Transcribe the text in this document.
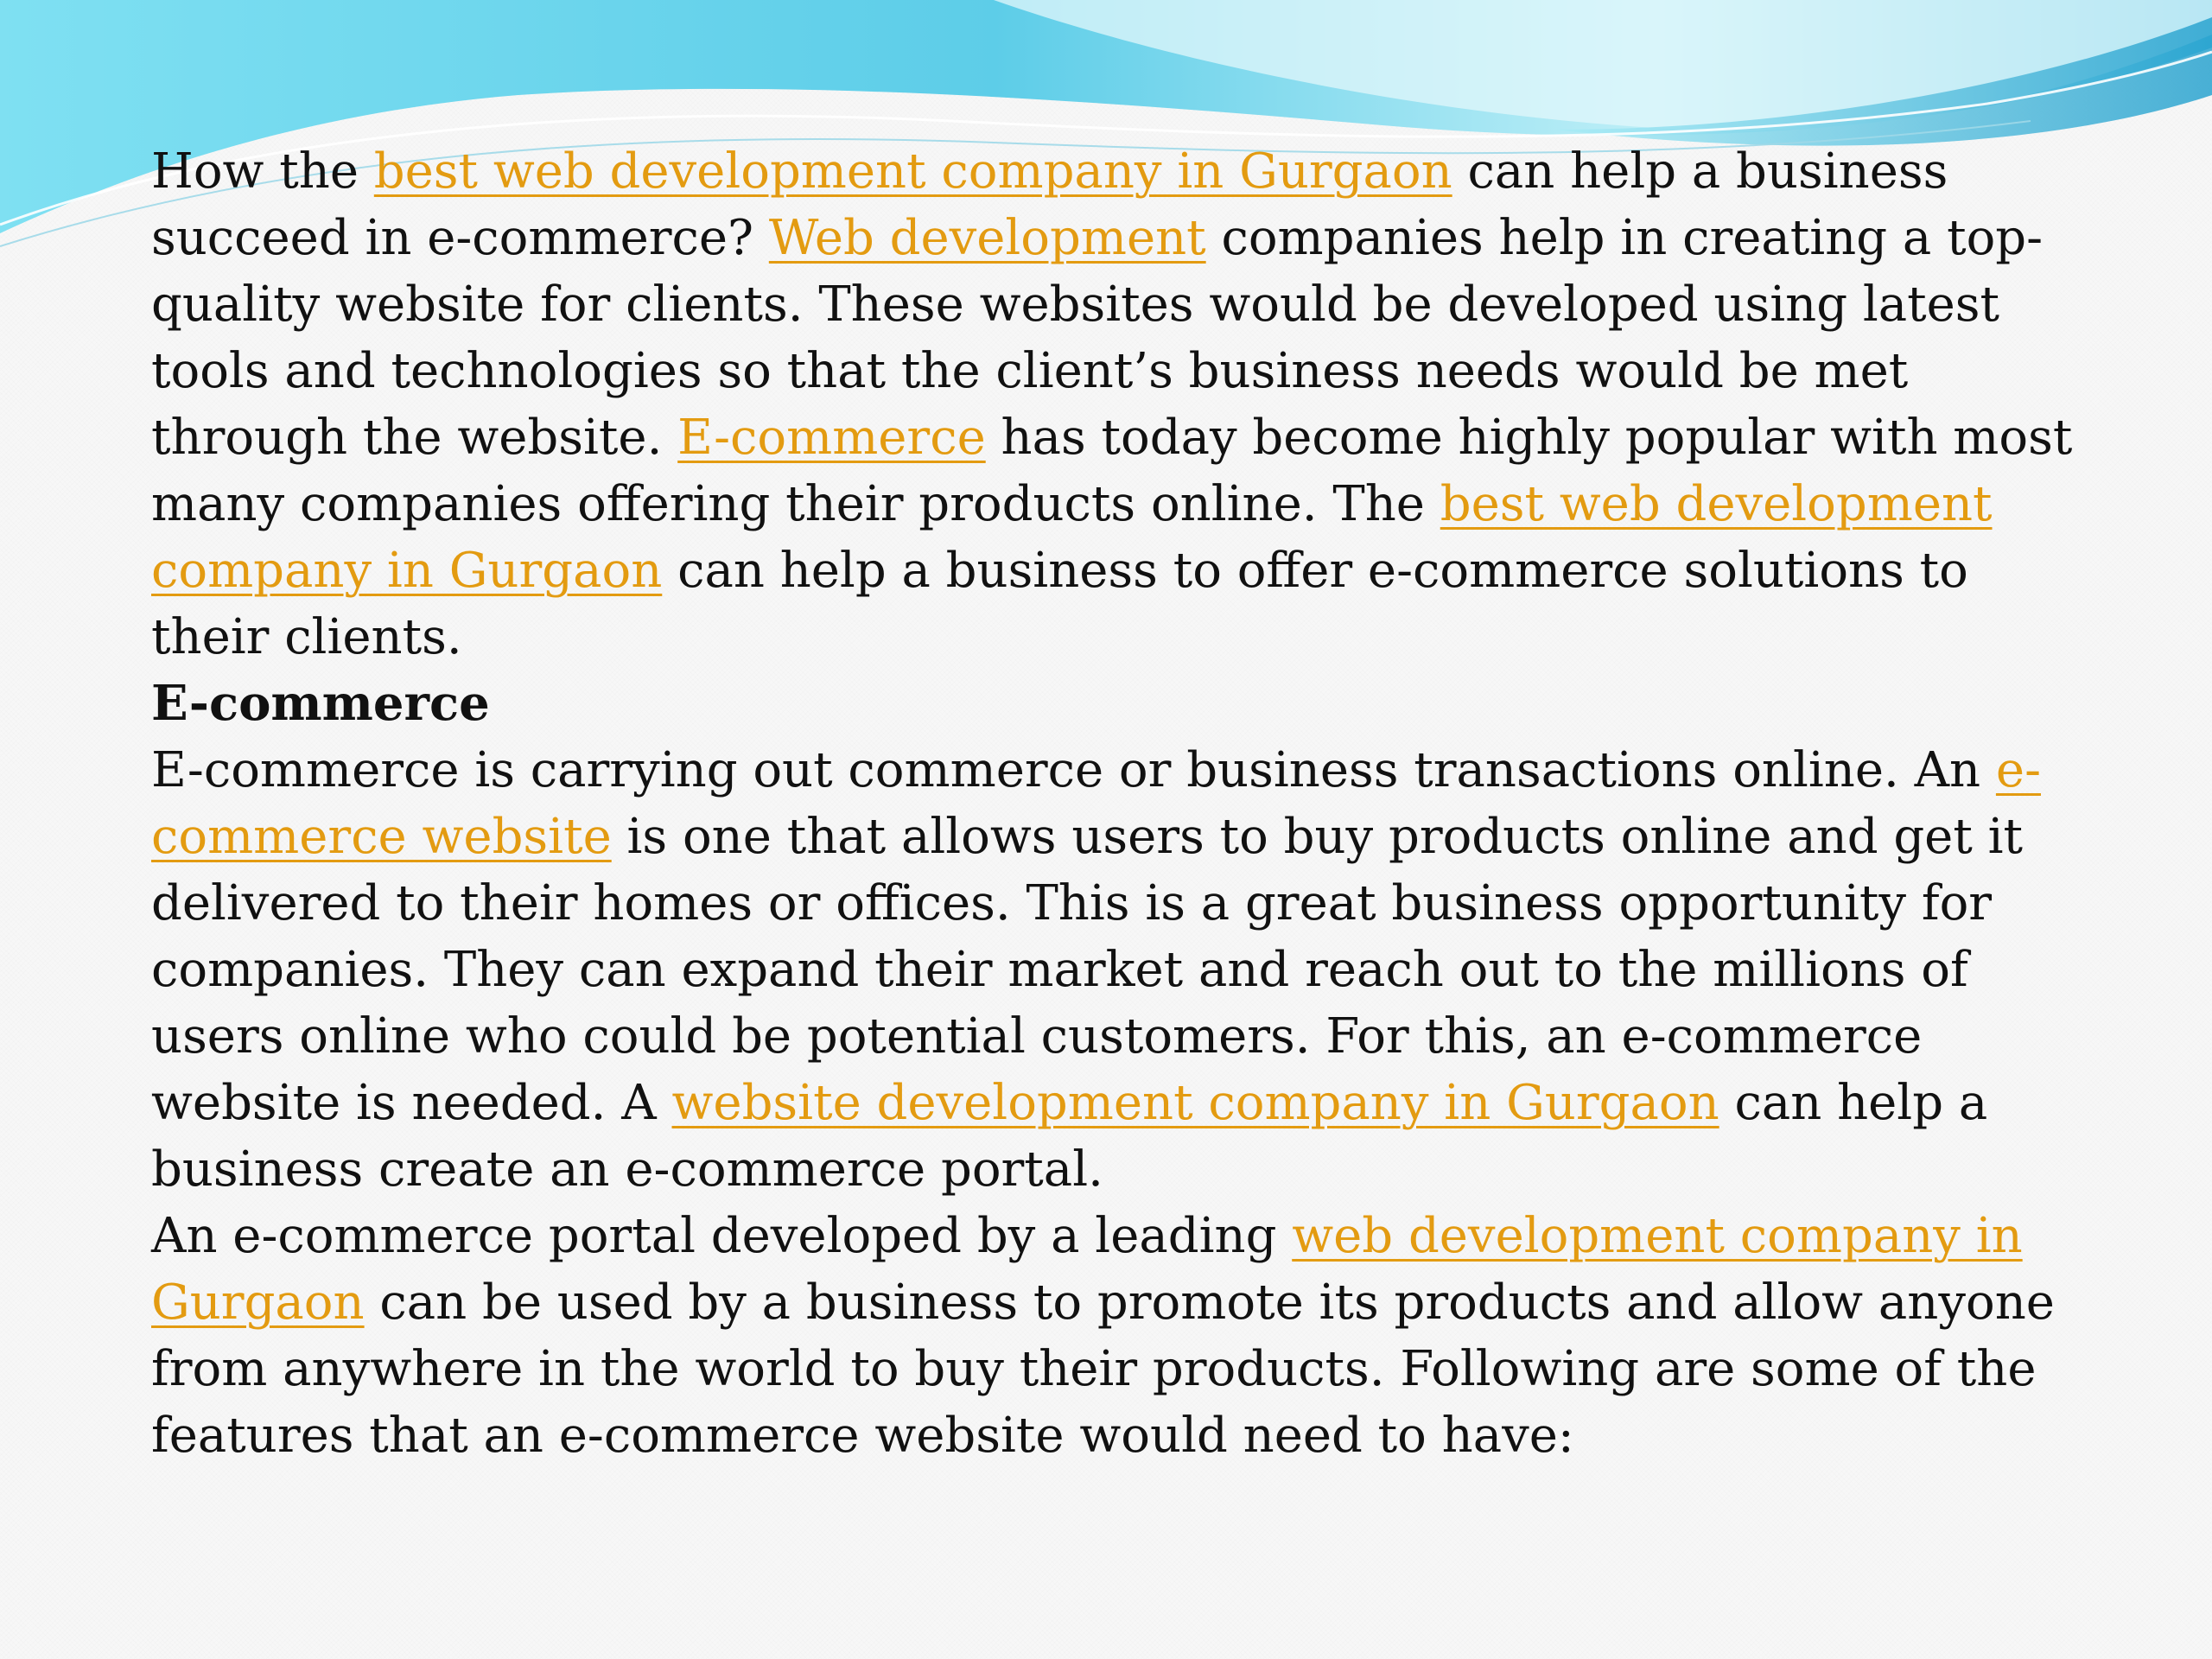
How the best web development company in Gurgaon can help a business succeed in e-commerce? Web development companies help in creating a top-quality website for clients. These websites would be developed using latest tools and technologies so that the client’s business needs would be met through the website. E-commerce has today become highly popular with most many companies offering their products online. The best web development company in Gurgaon can help a business to offer e-commerce solutions to their clients.

E-commerce

E-commerce is carrying out commerce or business transactions online. An e-commerce website is one that allows users to buy products online and get it delivered to their homes or offices. This is a great business opportunity for companies. They can expand their market and reach out to the millions of users online who could be potential customers. For this, an e-commerce website is needed. A website development company in Gurgaon can help a business create an e-commerce portal.

An e-commerce portal developed by a leading web development company in Gurgaon can be used by a business to promote its products and allow anyone from anywhere in the world to buy their products. Following are some of the features that an e-commerce website would need to have:
